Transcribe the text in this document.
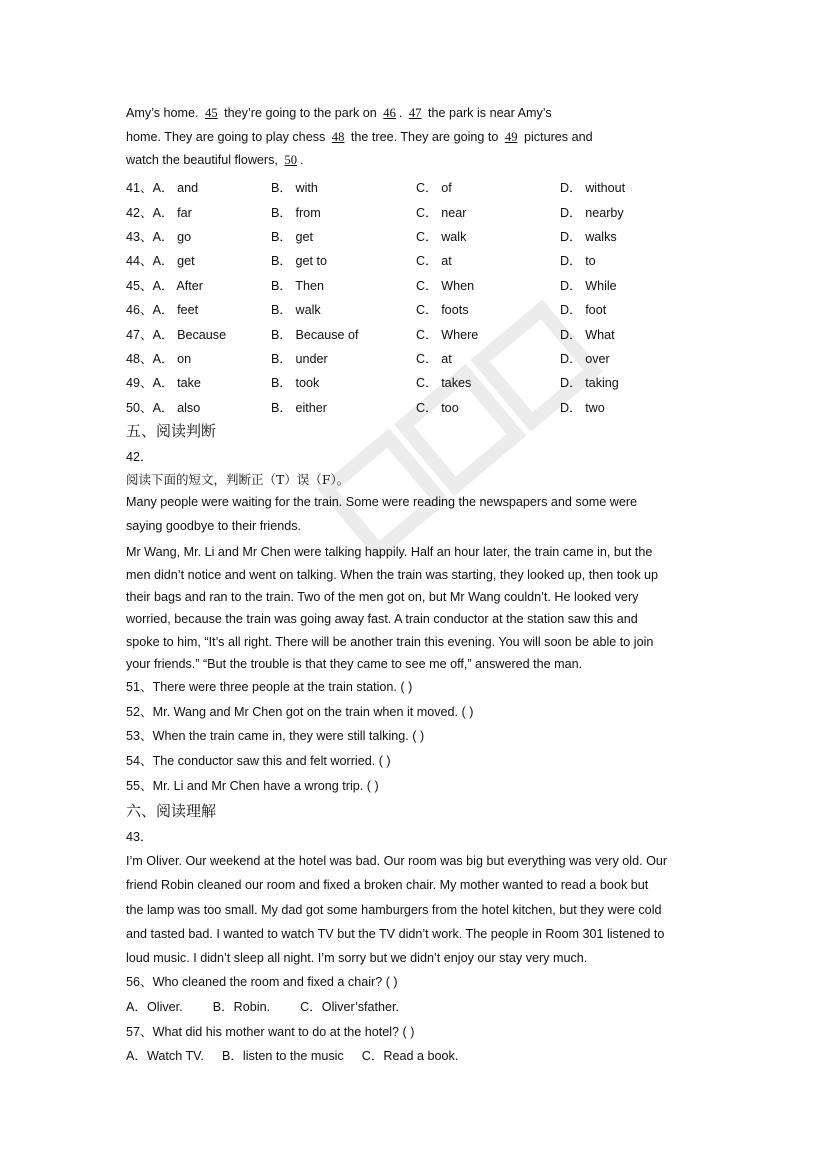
Amy’s home. 45 they’re going to the park on 46 . 47 the park is near Amy’s

home. They are going to play chess 48 the tree. They are going to 49 pictures and

watch the beautiful flowers, 50 .

41、A． and	B． with	C． of	D． without
42、A． far	B． from	C． near	D． nearby
43、A． go	B． get	C． walk	D． walks
44、A． get	B． get to	C． at	D． to
45、A． After	B． Then	C． When	D． While
46、A． feet	B． walk	C． foots	D． foot
47、A． Because	B． Because of	C． Where	D． What
48、A． on	B． under	C． at	D． over
49、A． take	B． took	C． takes	D． taking
50、A． also	B． either	C． too	D． two
五、阅读判断
42．
阅读下面的短文，判断正（T）误（F）。

Many people were waiting for the train. Some were reading the newspapers and some were
saying goodbye to their friends.

Mr Wang, Mr. Li and Mr Chen were talking happily. Half an hour later, the train came in, but the
men didn’t notice and went on talking. When the train was starting, they looked up, then took up
their bags and ran to the train. Two of the men got on, but Mr Wang couldn’t. He looked very
worried, because the train was going away fast. A train conductor at the station saw this and
spoke to him, “It’s all right. There will be another train this evening. You will soon be able to join
your friends.” “But the trouble is that they came to see me off,” answered the man.

51、There were three people at the train station. ( )
52、Mr. Wang and Mr Chen got on the train when it moved. ( )
53、When the train came in, they were still talking. ( )
54、The conductor saw this and felt worried. ( )
55、Mr. Li and Mr Chen have a wrong trip. ( )
六、阅读理解
43．

I’m Oliver. Our weekend at the hotel was bad. Our room was big but everything was very old. Our
friend Robin cleaned our room and fixed a broken chair. My mother wanted to read a book but
the lamp was too small. My dad got some hamburgers from the hotel kitchen, but they were cold
and tasted bad. I wanted to watch TV but the TV didn’t work. The people in Room 301 listened to
loud music. I didn’t sleep all night. I’m sorry but we didn’t enjoy our stay very much.

56、Who cleaned the room and fixed a chair? ( )
A．Oliver. B．Robin. C．Oliver’sfather.
57、What did his mother want to do at the hotel? ( )
A．Watch TV. B．listen to the music C．Read a book.
